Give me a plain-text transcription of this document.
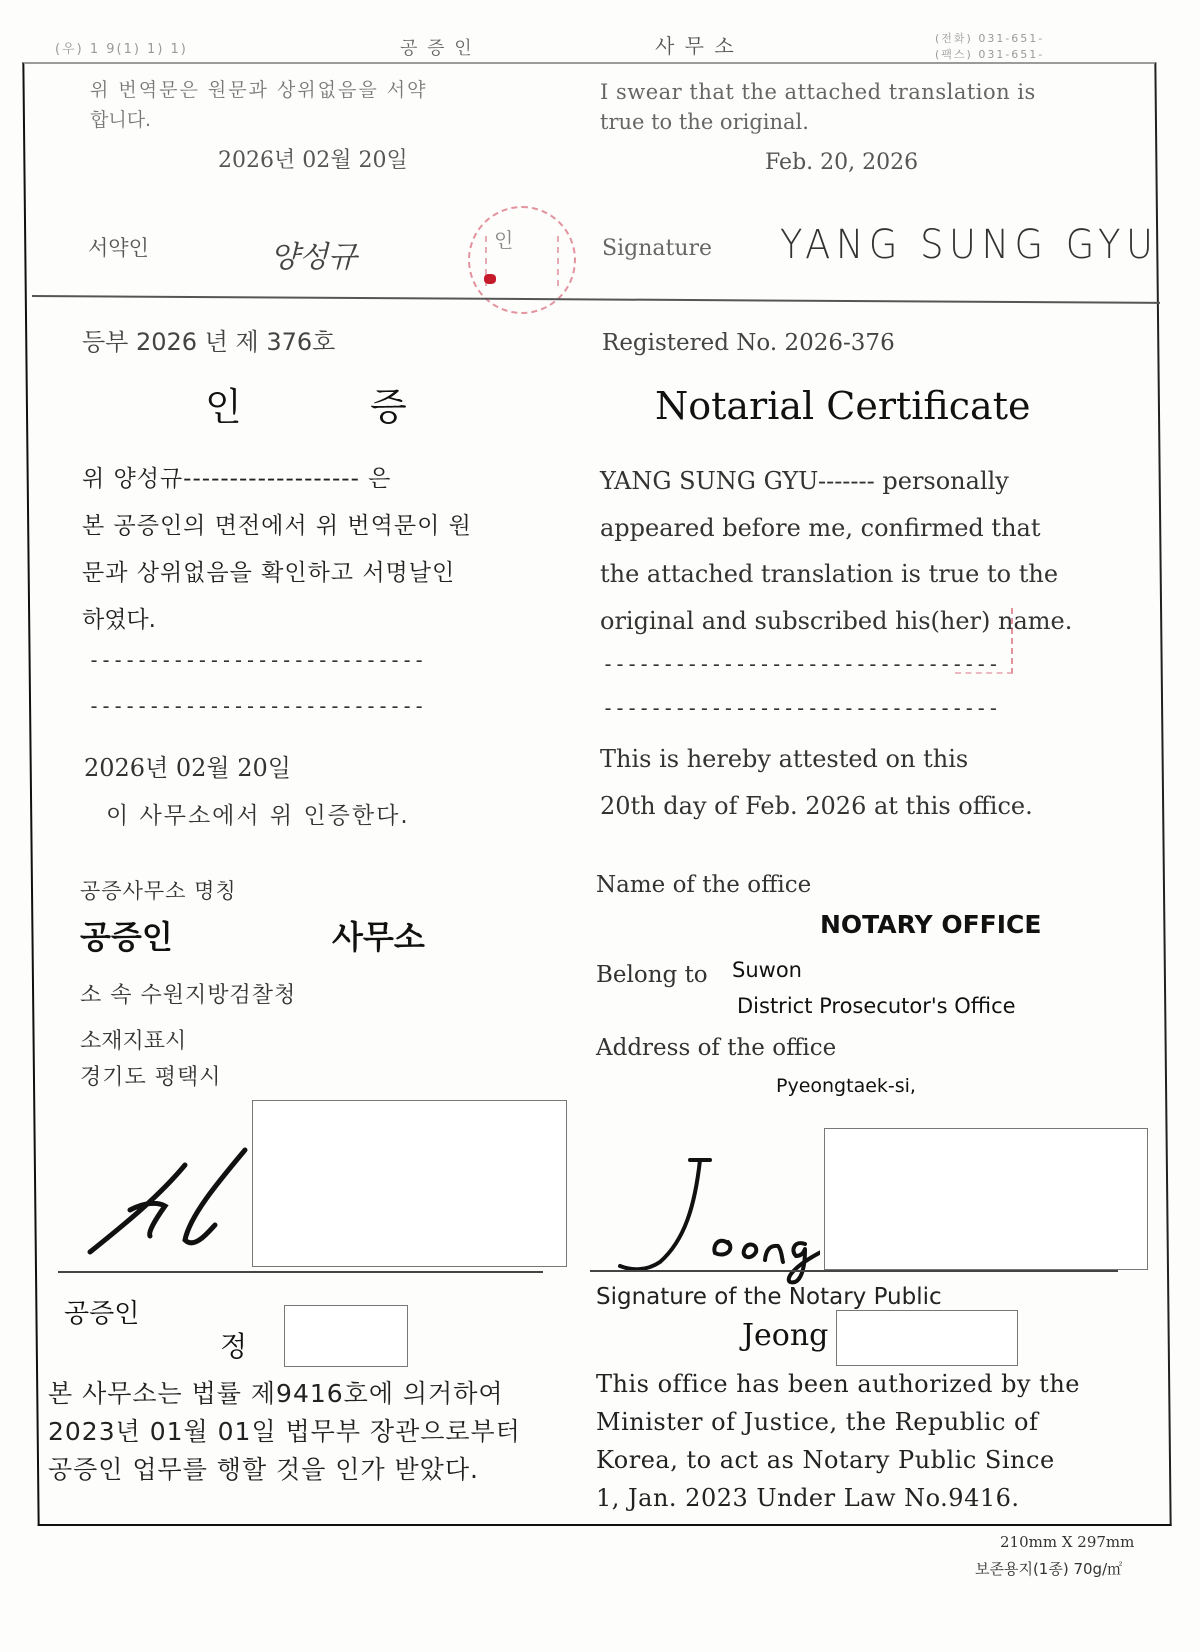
(우) 1 9(1) 1) 1)	공 증 인	사 무 소	(전화) 031-651-
(팩스) 031-651-
위 번역문은 원문과 상위없음을 서약
합니다.
2026년 02월 20일
I swear that the attached translation is
true to the original.
Feb. 20, 2026
서약인	양성규	인	Signature YANG SUNG GYU
등부 2026 년 제 376호	Registered No. 2026-376
인	증	Notarial Certificate
위 양성규------------------- 은
본 공증인의 면전에서 위 번역문이 원
문과 상위없음을 확인하고 서명날인
하였다.
----------------------------
----------------------------
YANG SUNG GYU------- personally
appeared before me, confirmed that
the attached translation is true to the
original and subscribed his(her) name.
---------------------------------
---------------------------------
2026년 02월 20일
이 사무소에서 위 인증한다.
This is hereby attested on this
20th day of Feb. 2026 at this office.
공증사무소 명칭
공증인	사무소
소 속 수원지방검찰청
소재지표시
경기도 평택시
Name of the office
NOTARY OFFICE
Belong to Suwon
District Prosecutor's Office
Address of the office
Pyeongtaek-si,
공증인
정
Signature of the Notary Public
Jeong
본 사무소는 법률 제9416호에 의거하여
2023년 01월 01일 법무부 장관으로부터
공증인 업무를 행할 것을 인가 받았다.
This office has been authorized by the
Minister of Justice, the Republic of
Korea, to act as Notary Public Since
1, Jan. 2023 Under Law No.9416.
210mm X 297mm
보존용지(1종) 70g/㎡
